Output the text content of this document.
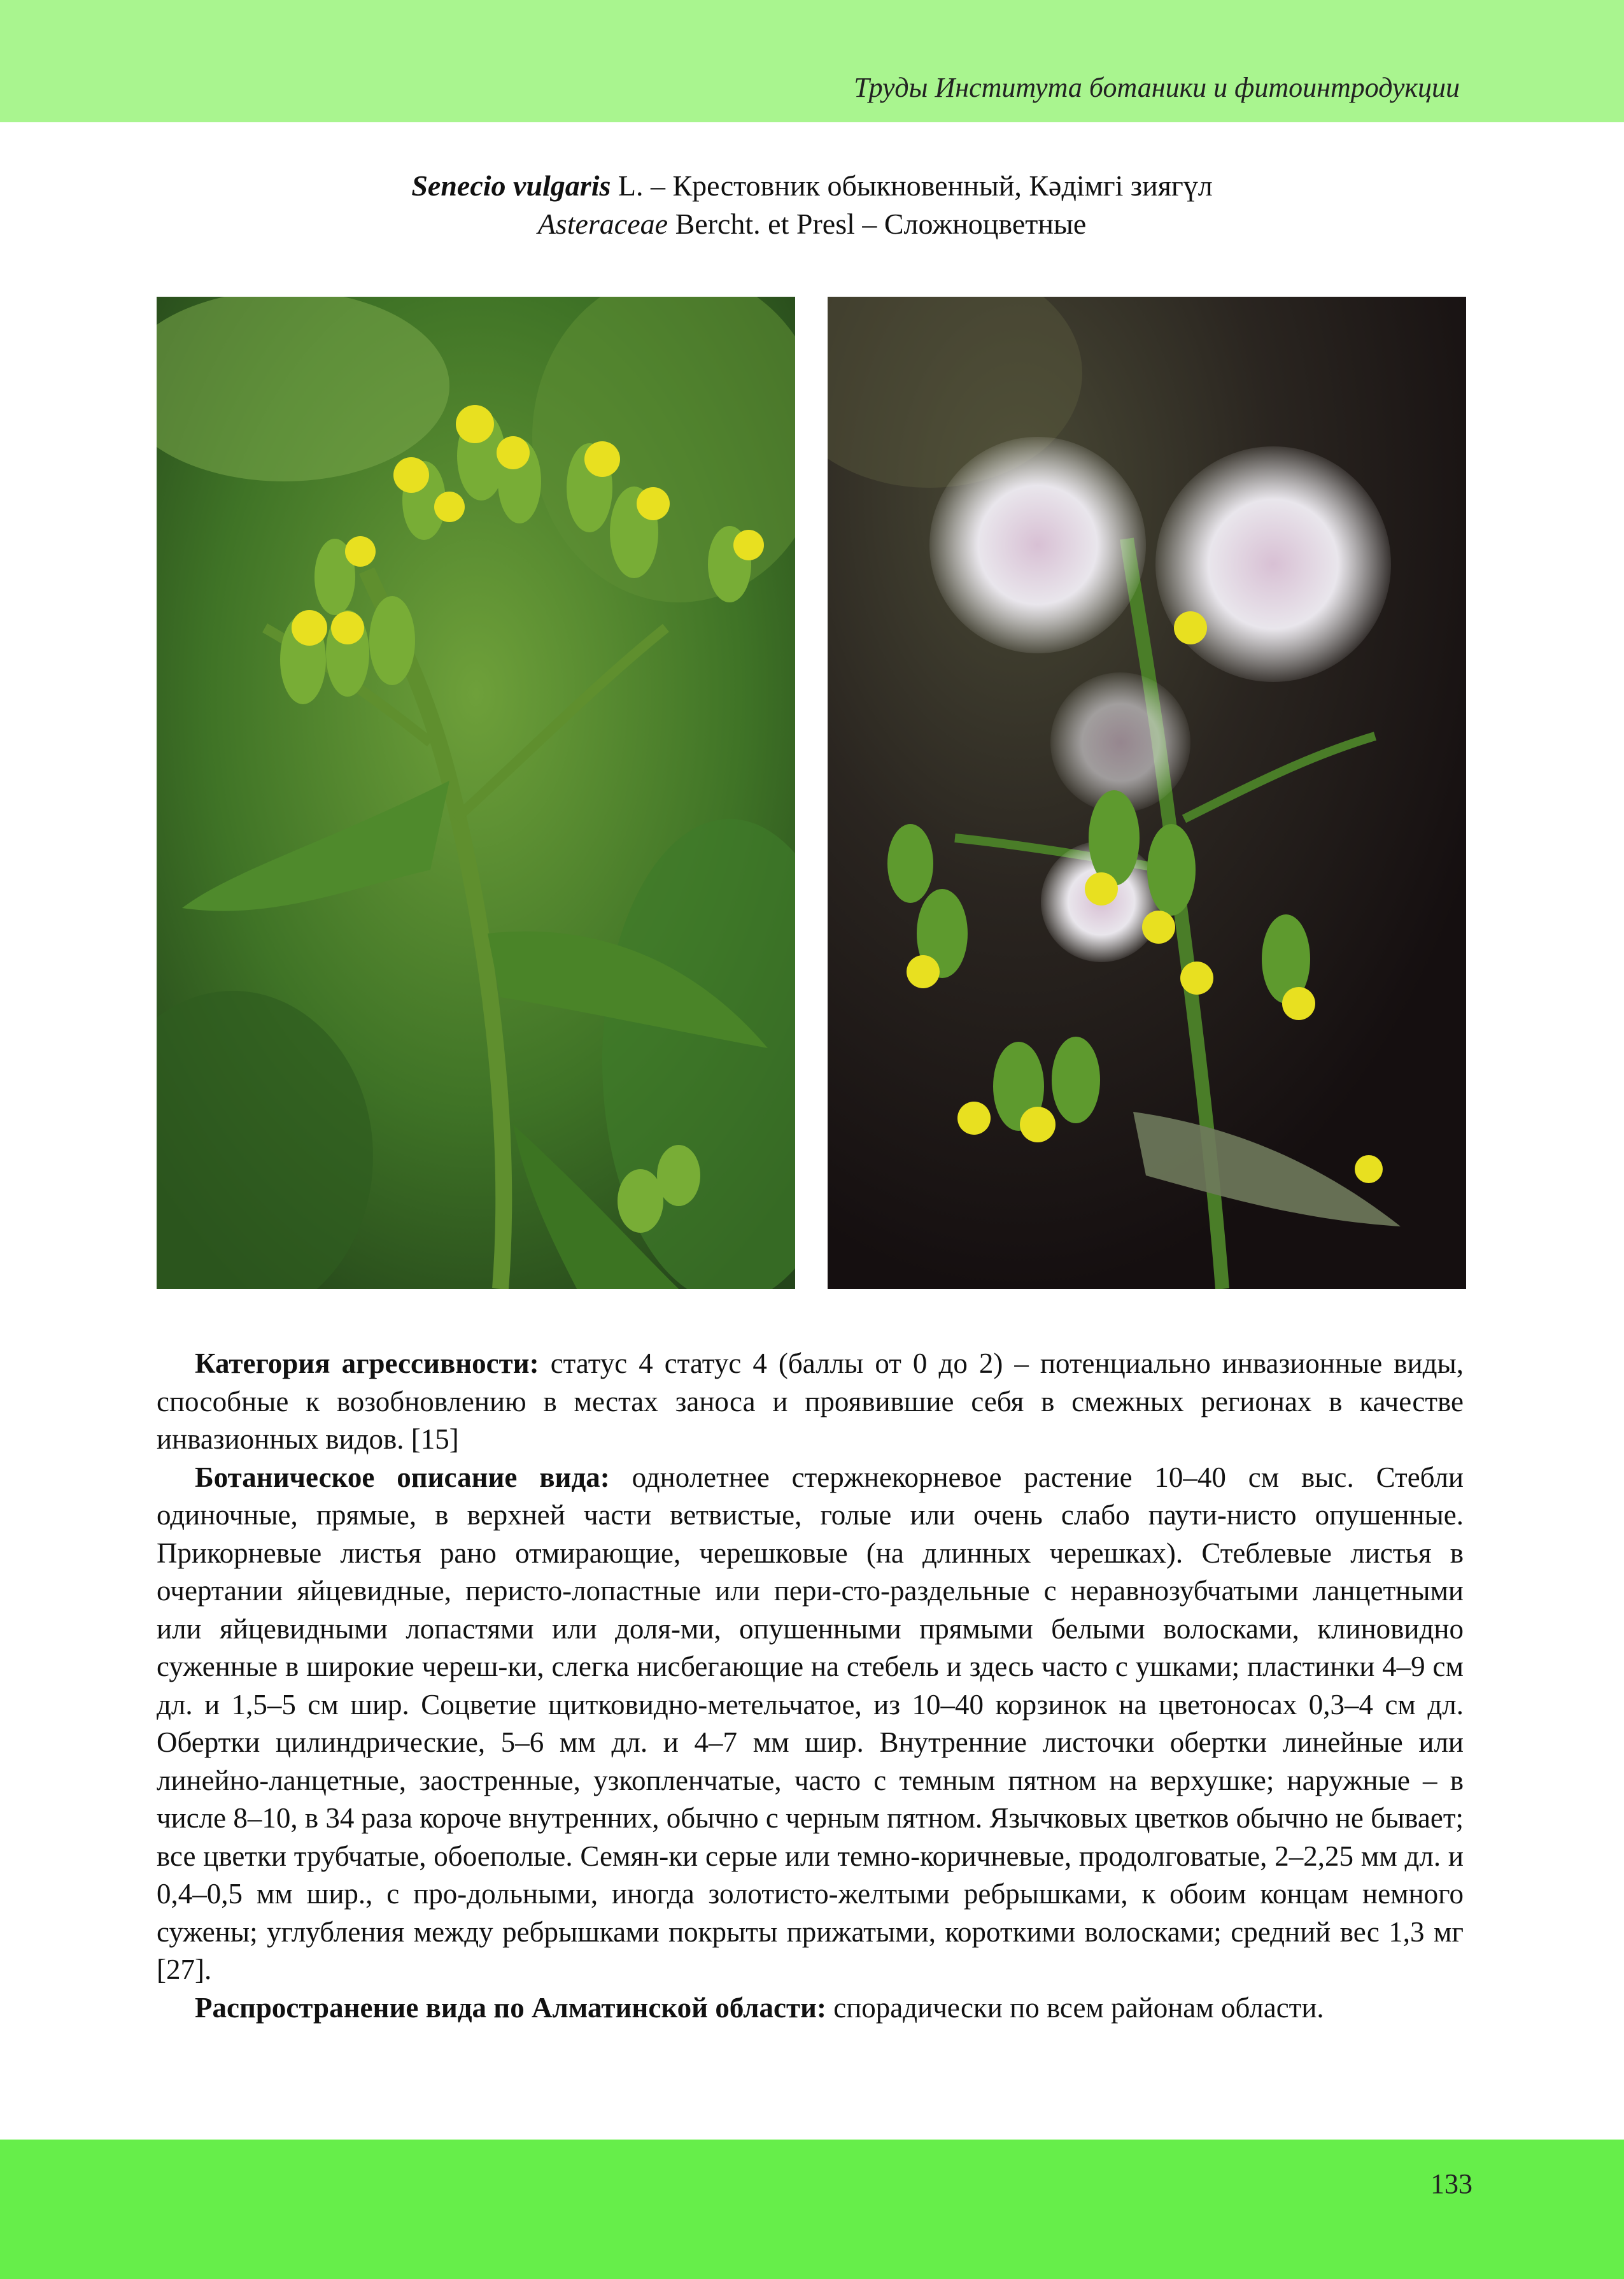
Труды Института ботаники и фитоинтродукции
Senecio vulgaris L. – Крестовник обыкновенный, Кәдімгі зиягүл
Asteraceae Bercht. et Presl – Сложноцветные

Категория агрессивности: статус 4 статус 4 (баллы от 0 до 2) – потенциально инвазионные виды, способные к возобновлению в местах заноса и проявившие себя в смежных регионах в качестве инвазионных видов. [15]

Ботаническое описание вида: однолетнее стержнекорневое растение 10–40 см выс. Стебли одиночные, прямые, в верхней части ветвистые, голые или очень слабо паути-нисто опушенные. Прикорневые листья рано отмирающие, черешковые (на длинных черешках). Стеблевые листья в очертании яйцевидные, перисто-лопастные или пери-сто-раздельные с неравнозубчатыми ланцетными или яйцевидными лопастями или доля-ми, опушенными прямыми белыми волосками, клиновидно суженные в широкие череш-ки, слегка нисбегающие на стебель и здесь часто с ушками; пластинки 4–9 см дл. и 1,5–5 см шир. Соцветие щитковидно-метельчатое, из 10–40 корзинок на цветоносах 0,3–4 см дл. Обертки цилиндрические, 5–6 мм дл. и 4–7 мм шир. Внутренние листочки обертки линейные или линейно-ланцетные, заостренные, узкопленчатые, часто с темным пятном на верхушке; наружные – в числе 8–10, в 34 раза короче внутренних, обычно с черным пятном. Язычковых цветков обычно не бывает; все цветки трубчатые, обоеполые. Семян-ки серые или темно-коричневые, продолговатые, 2–2,25 мм дл. и 0,4–0,5 мм шир., с про-дольными, иногда золотисто-желтыми ребрышками, к обоим концам немного сужены; углубления между ребрышками покрыты прижатыми, короткими волосками; средний вес 1,3 мг [27].

Распространение вида по Алматинской области: спорадически по всем районам области.

133
